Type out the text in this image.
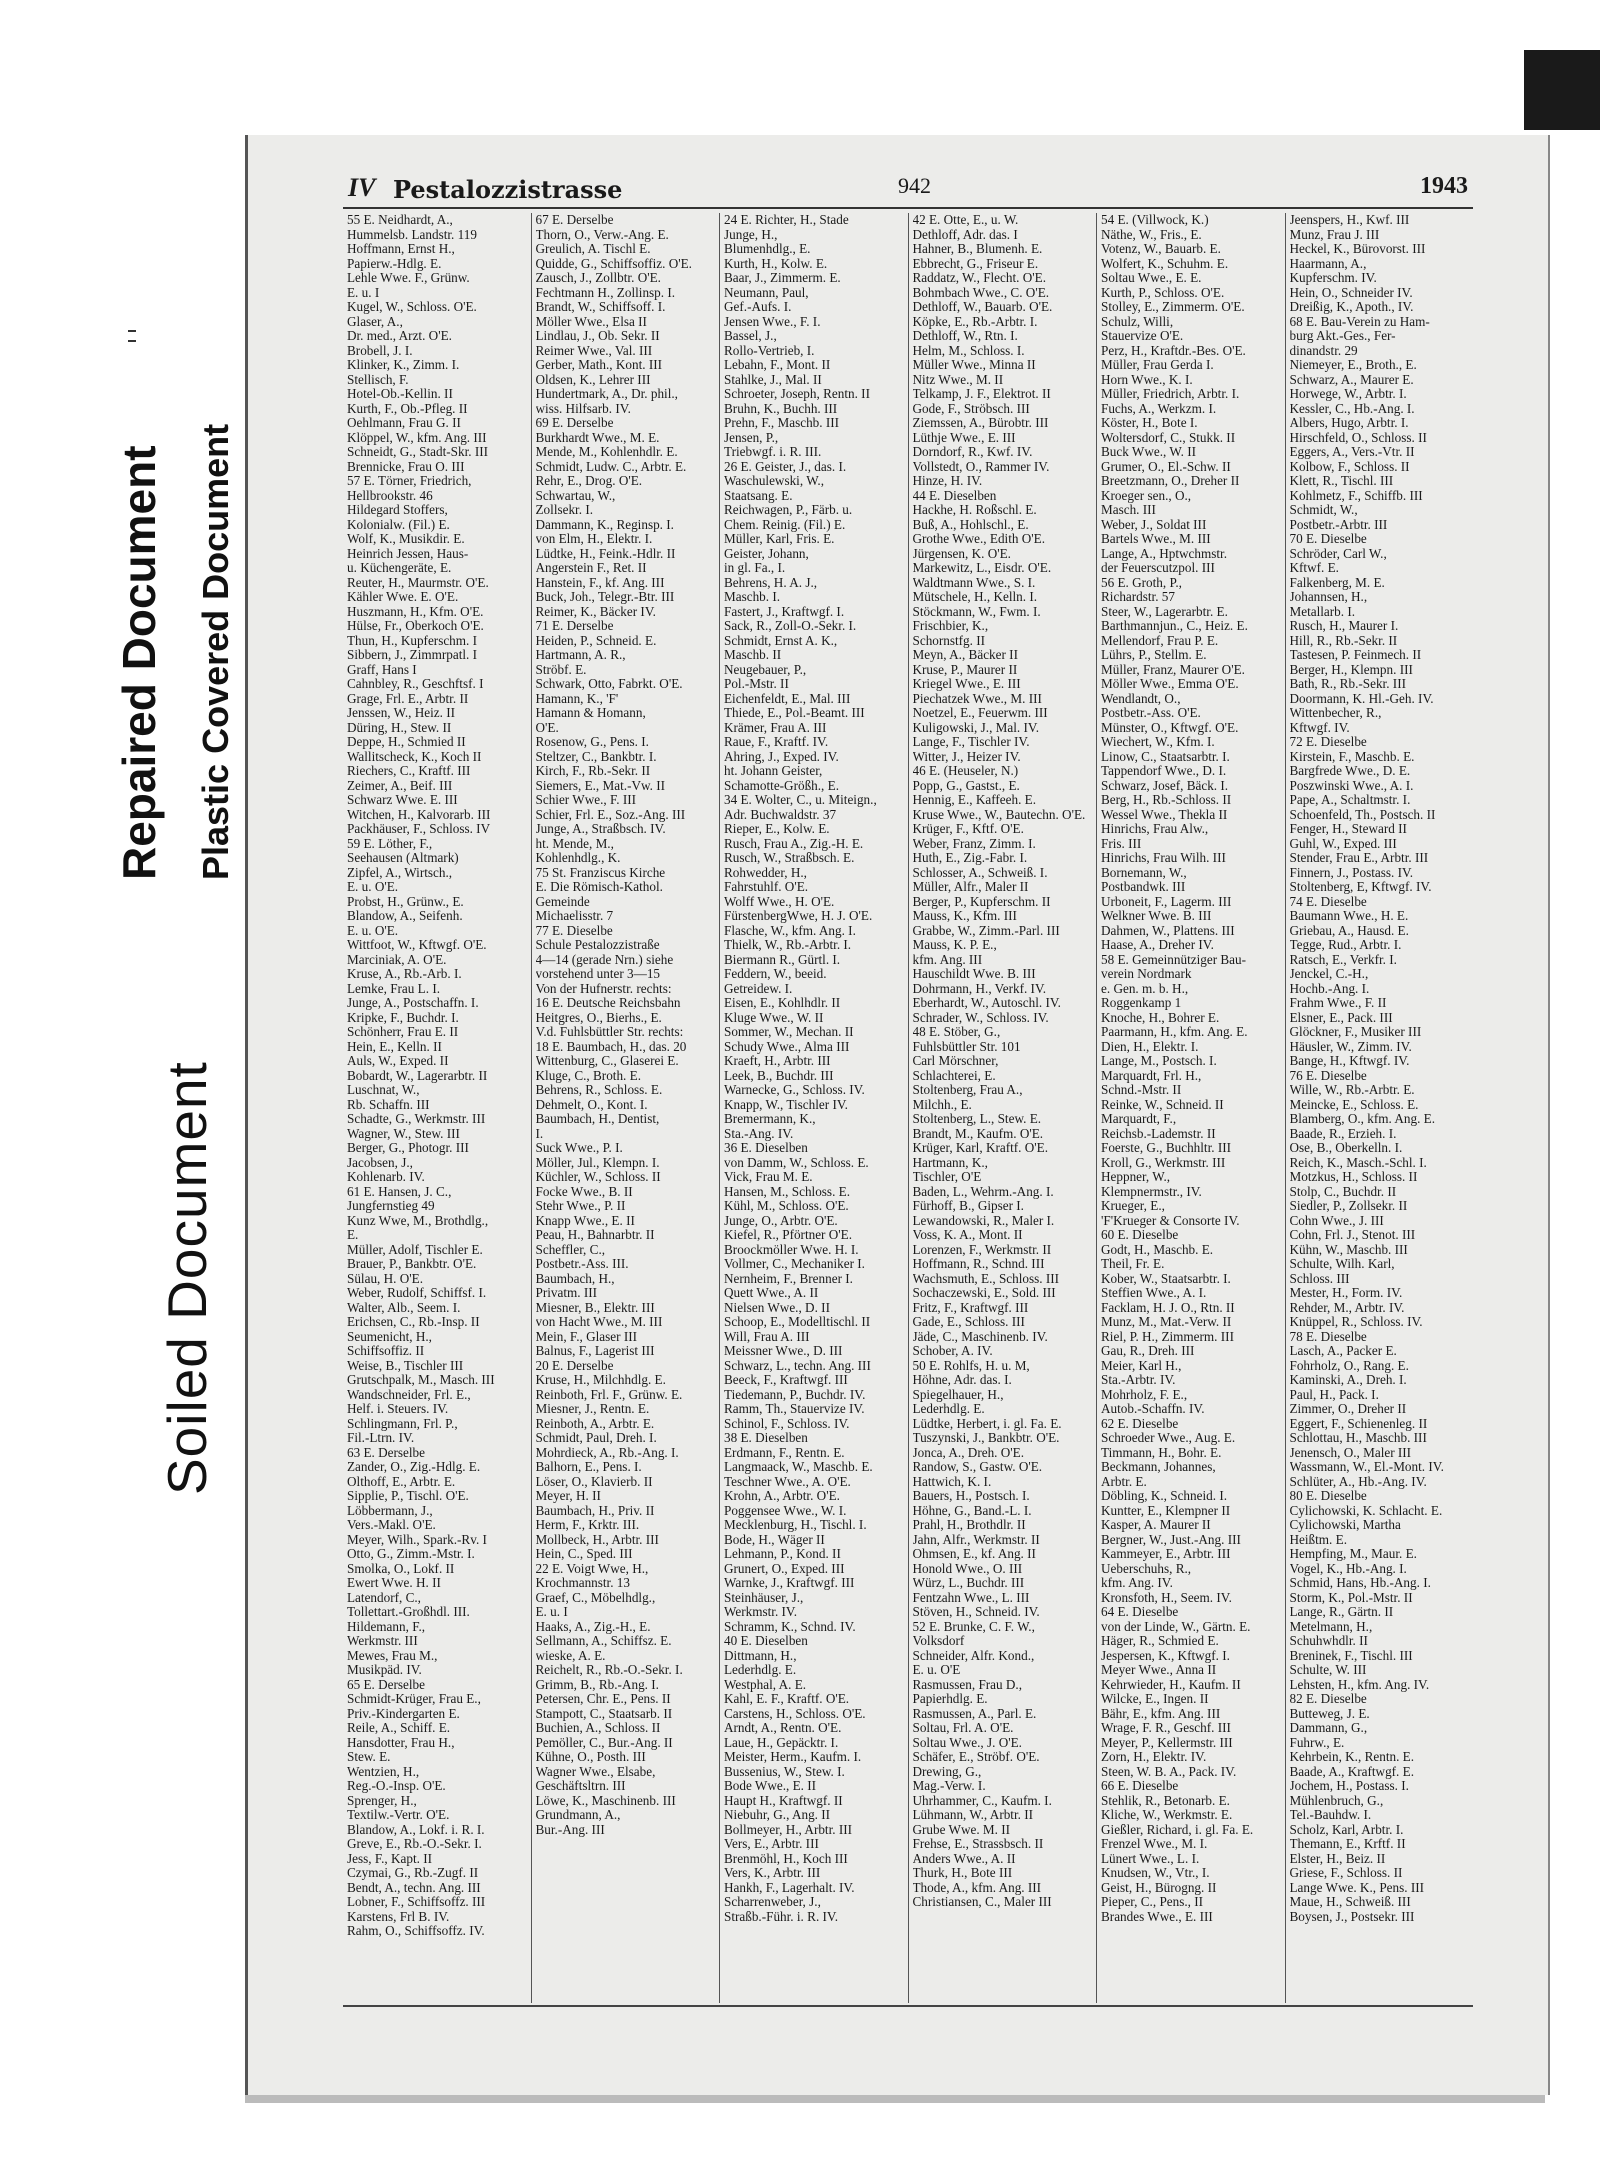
Repaired Document Plastic Covered Document
Soiled Document
IV Pestalozzistrasse	942	1943
55 E. Neidhardt, A.,
Hummelsb. Landstr. 119
Hoffmann, Ernst H.,
Papierw.-Hdlg. E.
Lehle Wwe. F., Grünw.
E. u. I
Kugel, W., Schloss. O'E.
Glaser, A.,
Dr. med., Arzt. O'E.
Brobell, J. I.
Klinker, K., Zimm. I.
Stellisch, F.
Hotel-Ob.-Kellin. II
Kurth, F., Ob.-Pfleg. II
Oehlmann, Frau G. II
Klöppel, W., kfm. Ang. III
Schneidt, G., Stadt-Skr. III
Brennicke, Frau O. III
57 E. Törner, Friedrich,
Hellbrookstr. 46
Hildegard Stoffers,
Kolonialw. (Fil.) E.
Wolf, K., Musikdir. E.
Heinrich Jessen, Haus-
u. Küchengeräte, E.
Reuter, H., Maurmstr. O'E.
Kähler Wwe. E. O'E.
Huszmann, H., Kfm. O'E.
Hülse, Fr., Oberkoch O'E.
Thun, H., Kupferschm. I
Sibbern, J., Zimmrpatl. I
Graff, Hans I
Cahnbley, R., Geschftsf. I
Grage, Frl. E., Arbtr. II
Jenssen, W., Heiz. II
Düring, H., Stew. II
Deppe, H., Schmied II
Wallitscheck, K., Koch II
Riechers, C., Kraftf. III
Zeimer, A., Beif. III
Schwarz Wwe. E. III
Witchen, H., Kalvorarb. III
Packhäuser, F., Schloss. IV
59 E. Löther, F.,
Seehausen (Altmark)
Zipfel, A., Wirtsch.,
E. u. O'E.
Probst, H., Grünw., E.
Blandow, A., Seifenh.
E. u. O'E.
Wittfoot, W., Kftwgf. O'E.
Marciniak, A. O'E.
Kruse, A., Rb.-Arb. I.
Lemke, Frau L. I.
Junge, A., Postschaffn. I.
Kripke, F., Buchdr. I.
Schönherr, Frau E. II
Hein, E., Kelln. II
Auls, W., Exped. II
Bobardt, W., Lagerarbtr. II
Luschnat, W.,
Rb. Schaffn. III
Schadte, G., Werkmstr. III
Wagner, W., Stew. III
Berger, G., Photogr. III
Jacobsen, J.,
Kohlenarb. IV.
61 E. Hansen, J. C.,
Jungfernstieg 49
Kunz Wwe, M., Brothdlg.,
E.
Müller, Adolf, Tischler E.
Brauer, P., Bankbtr. O'E.
Sülau, H. O'E.
Weber, Rudolf, Schiffsf. I.
Walter, Alb., Seem. I.
Erichsen, C., Rb.-Insp. II
Seumenicht, H.,
Schiffsoffiz. II
Weise, B., Tischler III
Grutschpalk, M., Masch. III
Wandschneider, Frl. E.,
Helf. i. Steuers. IV.
Schlingmann, Frl. P.,
Fil.-Ltrn. IV.
63 E. Derselbe
Zander, O., Zig.-Hdlg. E.
Olthoff, E., Arbtr. E.
Sipplie, P., Tischl. O'E.
Löbbermann, J.,
Vers.-Makl. O'E.
Meyer, Wilh., Spark.-Rv. I
Otto, G., Zimm.-Mstr. I.
Smolka, O., Lokf. II
Ewert Wwe. H. II
Latendorf, C.,
Tollettart.-Großhdl. III.
Hildemann, F.,
Werkmstr. III
Mewes, Frau M.,
Musikpäd. IV.
65 E. Derselbe
Schmidt-Krüger, Frau E.,
Priv.-Kindergarten E.
Reile, A., Schiff. E.
Hansdotter, Frau H.,
Stew. E.
Wentzien, H.,
Reg.-O.-Insp. O'E.
Sprenger, H.,
Textilw.-Vertr. O'E.
Blandow, A., Lokf. i. R. I.
Greve, E., Rb.-O.-Sekr. I.
Jess, F., Kapt. II
Czymai, G., Rb.-Zugf. II
Bendt, A., techn. Ang. III
Lobner, F., Schiffsoffz. III
Karstens, Frl B. IV.
Rahm, O., Schiffsoffz. IV.
67 E. Derselbe
Thorn, O., Verw.-Ang. E.
Greulich, A. Tischl E.
Quidde, G., Schiffsoffiz. O'E.
Zausch, J., Zollbtr. O'E.
Fechtmann H., Zollinsp. I.
Brandt, W., Schiffsoff. I.
Möller Wwe., Elsa II
Lindlau, J., Ob. Sekr. II
Reimer Wwe., Val. III
Gerber, Math., Kont. III
Oldsen, K., Lehrer III
Hundertmark, A., Dr. phil.,
wiss. Hilfsarb. IV.
69 E. Derselbe
Burkhardt Wwe., M. E.
Mende, M., Kohlenhdlr. E.
Schmidt, Ludw. C., Arbtr. E.
Rehr, E., Drog. O'E.
Schwartau, W.,
Zollsekr. I.
Dammann, K., Reginsp. I.
von Elm, H., Elektr. I.
Lüdtke, H., Feink.-Hdlr. II
Angerstein F., Ret. II
Hanstein, F., kf. Ang. III
Buck, Joh., Telegr.-Btr. III
Reimer, K., Bäcker IV.
71 E. Derselbe
Heiden, P., Schneid. E.
Hartmann, A. R.,
Ströbf. E.
Schwark, Otto, Fabrkt. O'E.
Hamann, K., 'F'
Hamann & Homann,
O'E.
Rosenow, G., Pens. I.
Steltzer, C., Bankbtr. I.
Kirch, F., Rb.-Sekr. II
Siemers, E., Mat.-Vw. II
Schier Wwe., F. III
Schier, Frl. E., Soz.-Ang. III
Junge, A., Straßbsch. IV.
ht. Mende, M.,
Kohlenhdlg., K.
75 St. Franziscus Kirche
E. Die Römisch-Kathol.
Gemeinde
Michaelisstr. 7
77 E. Dieselbe
Schule Pestalozzistraße
4—14 (gerade Nrn.) siehe
vorstehend unter 3—15
Von der Hufnerstr. rechts:
16 E. Deutsche Reichsbahn
Heitgres, O., Bierhs., E.
V.d. Fuhlsbüttler Str. rechts:
18 E. Baumbach, H., das. 20
Wittenburg, C., Glaserei E.
Kluge, C., Broth. E.
Behrens, R., Schloss. E.
Dehmelt, O., Kont. I.
Baumbach, H., Dentist,
I.
Suck Wwe., P. I.
Möller, Jul., Klempn. I.
Küchler, W., Schloss. II
Focke Wwe., B. II
Stehr Wwe., P. II
Knapp Wwe., E. II
Peau, H., Bahnarbtr. II
Scheffler, C.,
Postbetr.-Ass. III.
Baumbach, H.,
Privatm. III
Miesner, B., Elektr. III
von Hacht Wwe., M. III
Mein, F., Glaser III
Balnus, F., Lagerist III
20 E. Derselbe
Kruse, H., Milchhdlg. E.
Reinboth, Frl. F., Grünw. E.
Miesner, J., Rentn. E.
Reinboth, A., Arbtr. E.
Schmidt, Paul, Dreh. I.
Mohrdieck, A., Rb.-Ang. I.
Balhorn, E., Pens. I.
Löser, O., Klavierb. II
Meyer, H. II
Baumbach, H., Priv. II
Herm, F., Krktr. III.
Mollbeck, H., Arbtr. III
Hein, C., Sped. III
22 E. Voigt Wwe, H.,
Krochmannstr. 13
Graef, C., Möbelhdlg.,
E. u. I
Haaks, A., Zig.-H., E.
Sellmann, A., Schiffsz. E.
wieske, A. E.
Reichelt, R., Rb.-O.-Sekr. I.
Grimm, B., Rb.-Ang. I.
Petersen, Chr. E., Pens. II
Stampott, C., Staatsarb. II
Buchien, A., Schloss. II
Pemöller, C., Bur.-Ang. II
Kühne, O., Posth. III
Wagner Wwe., Elsabe,
Geschäftsltrn. III
Löwe, K., Maschinenb. III
Grundmann, A.,
Bur.-Ang. III
24 E. Richter, H., Stade
Junge, H.,
Blumenhdlg., E.
Kurth, H., Kolw. E.
Baar, J., Zimmerm. E.
Neumann, Paul,
Gef.-Aufs. I.
Jensen Wwe., F. I.
Bassel, J.,
Rollo-Vertrieb, I.
Lebahn, F., Mont. II
Stahlke, J., Mal. II
Schroeter, Joseph, Rentn. II
Bruhn, K., Buchh. III
Prehn, F., Maschb. III
Jensen, P.,
Triebwgf. i. R. III.
26 E. Geister, J., das. I.
Waschulewski, W.,
Staatsang. E.
Reichwagen, P., Färb. u.
Chem. Reinig. (Fil.) E.
Müller, Karl, Fris. E.
Geister, Johann,
in gl. Fa., I.
Behrens, H. A. J.,
Maschb. I.
Fastert, J., Kraftwgf. I.
Sack, R., Zoll-O.-Sekr. I.
Schmidt, Ernst A. K.,
Maschb. II
Neugebauer, P.,
Pol.-Mstr. II
Eichenfeldt, E., Mal. III
Thiede, E., Pol.-Beamt. III
Krämer, Frau A. III
Raue, F., Kraftf. IV.
Ahring, J., Exped. IV.
ht. Johann Geister,
Schamotte-Größh., E.
34 E. Wolter, C., u. Miteign.,
Adr. Buchwaldstr. 37
Rieper, E., Kolw. E.
Rusch, Frau A., Zig.-H. E.
Rusch, W., Straßbsch. E.
Rohwedder, H.,
Fahrstuhlf. O'E.
Wolff Wwe., H. O'E.
FürstenbergWwe, H. J. O'E.
Flasche, W., kfm. Ang. I.
Thielk, W., Rb.-Arbtr. I.
Biermann R., Gürtl. I.
Feddern, W., beeid.
Getreidew. I.
Eisen, E., Kohlhdlr. II
Kluge Wwe., W. II
Sommer, W., Mechan. II
Schudy Wwe., Alma III
Kraeft, H., Arbtr. III
Leek, B., Buchdr. III
Warnecke, G., Schloss. IV.
Knapp, W., Tischler IV.
Bremermann, K.,
Sta.-Ang. IV.
36 E. Dieselben
von Damm, W., Schloss. E.
Vick, Frau M. E.
Hansen, M., Schloss. E.
Kühl, M., Schloss. O'E.
Junge, O., Arbtr. O'E.
Kiefel, R., Pförtner O'E.
Broockmöller Wwe. H. I.
Vollmer, C., Mechaniker I.
Nernheim, F., Brenner I.
Quett Wwe., A. II
Nielsen Wwe., D. II
Schoop, E., Modelltischl. II
Will, Frau A. III
Meissner Wwe., D. III
Schwarz, L., techn. Ang. III
Beeck, F., Kraftwgf. III
Tiedemann, P., Buchdr. IV.
Ramm, Th., Stauervize IV.
Schinol, F., Schloss. IV.
38 E. Dieselben
Erdmann, F., Rentn. E.
Langmaack, W., Maschb. E.
Teschner Wwe., A. O'E.
Krohn, A., Arbtr. O'E.
Poggensee Wwe., W. I.
Mecklenburg, H., Tischl. I.
Bode, H., Wäger II
Lehmann, P., Kond. II
Grunert, O., Exped. III
Warnke, J., Kraftwgf. III
Steinhäuser, J.,
Werkmstr. IV.
Schramm, K., Schnd. IV.
40 E. Dieselben
Dittmann, H.,
Lederhdlg. E.
Westphal, A. E.
Kahl, E. F., Kraftf. O'E.
Carstens, H., Schloss. O'E.
Arndt, A., Rentn. O'E.
Laue, H., Gepäcktr. I.
Meister, Herm., Kaufm. I.
Bussenius, W., Stew. I.
Bode Wwe., E. II
Haupt H., Kraftwgf. II
Niebuhr, G., Ang. II
Bollmeyer, H., Arbtr. III
Vers, E., Arbtr. III
Brenmöhl, H., Koch III
Vers, K., Arbtr. III
Hankh, F., Lagerhalt. IV.
Scharrenweber, J.,
Straßb.-Führ. i. R. IV.
42 E. Otte, E., u. W.
Dethloff, Adr. das. I
Hahner, B., Blumenh. E.
Ebbrecht, G., Friseur E.
Raddatz, W., Flecht. O'E.
Bohmbach Wwe., C. O'E.
Dethloff, W., Bauarb. O'E.
Köpke, E., Rb.-Arbtr. I.
Dethloff, W., Rtn. I.
Helm, M., Schloss. I.
Müller Wwe., Minna II
Nitz Wwe., M. II
Telkamp, J. F., Elektrot. II
Gode, F., Ströbsch. III
Ziemssen, A., Bürobtr. III
Lüthje Wwe., E. III
Dorndorf, R., Kwf. IV.
Vollstedt, O., Rammer IV.
Hinze, H. IV.
44 E. Dieselben
Hackhe, H. Roßschl. E.
Buß, A., Hohlschl., E.
Grothe Wwe., Edith O'E.
Jürgensen, K. O'E.
Markewitz, L., Eisdr. O'E.
Waldtmann Wwe., S. I.
Mütschele, H., Kelln. I.
Stöckmann, W., Fwm. I.
Frischbier, K.,
Schornstfg. II
Meyn, A., Bäcker II
Kruse, P., Maurer II
Kriegel Wwe., E. III
Piechatzek Wwe., M. III
Noetzel, E., Feuerwm. III
Kuligowski, J., Mal. IV.
Lange, F., Tischler IV.
Witter, J., Heizer IV.
46 E. (Heuseler, N.)
Popp, G., Gastst., E.
Hennig, E., Kaffeeh. E.
Kruse Wwe., W., Bautechn. O'E.
Krüger, F., Kftf. O'E.
Weber, Franz, Zimm. I.
Huth, E., Zig.-Fabr. I.
Schlosser, A., Schweiß. I.
Müller, Alfr., Maler II
Berger, P., Kupferschm. II
Mauss, K., Kfm. III
Grabbe, W., Zimm.-Parl. III
Mauss, K. P. E.,
kfm. Ang. III
Hauschildt Wwe. B. III
Dohrmann, H., Verkf. IV.
Eberhardt, W., Autoschl. IV.
Schrader, W., Schloss. IV.
48 E. Stöber, G.,
Fuhlsbüttler Str. 101
Carl Mörschner,
Schlachterei, E.
Stoltenberg, Frau A.,
Milchh., E.
Stoltenberg, L., Stew. E.
Brandt, M., Kaufm. O'E.
Krüger, Karl, Kraftf. O'E.
Hartmann, K.,
Tischler, O'E
Baden, L., Wehrm.-Ang. I.
Fürhoff, B., Gipser I.
Lewandowski, R., Maler I.
Voss, K. A., Mont. II
Lorenzen, F., Werkmstr. II
Hoffmann, R., Schnd. III
Wachsmuth, E., Schloss. III
Sochaczewski, E., Sold. III
Fritz, F., Kraftwgf. III
Gade, E., Schloss. III
Jäde, C., Maschinenb. IV.
Schober, A. IV.
50 E. Rohlfs, H. u. M,
Höhne, Adr. das. I.
Spiegelhauer, H.,
Lederhdlg. E.
Lüdtke, Herbert, i. gl. Fa. E.
Tuszynski, J., Bankbtr. O'E.
Jonca, A., Dreh. O'E.
Randow, S., Gastw. O'E.
Hattwich, K. I.
Bauers, H., Postsch. I.
Höhne, G., Band.-L. I.
Prahl, H., Brothdlr. II
Jahn, Alfr., Werkmstr. II
Ohmsen, E., kf. Ang. II
Honold Wwe., O. III
Würz, L., Buchdr. III
Fentzahn Wwe., L. III
Stöven, H., Schneid. IV.
52 E. Brunke, C. F. W.,
Volksdorf
Schneider, Alfr. Kond.,
E. u. O'E
Rasmussen, Frau D.,
Papierhdlg. E.
Rasmussen, A., Parl. E.
Soltau, Frl. A. O'E.
Soltau Wwe., J. O'E.
Schäfer, E., Ströbf. O'E.
Drewing, G.,
Mag.-Verw. I.
Uhrhammer, C., Kaufm. I.
Lühmann, W., Arbtr. II
Grube Wwe. M. II
Frehse, E., Strassbsch. II
Anders Wwe., A. II
Thurk, H., Bote III
Thode, A., kfm. Ang. III
Christiansen, C., Maler III
54 E. (Villwock, K.)
Näthe, W., Fris., E.
Votenz, W., Bauarb. E.
Wolfert, K., Schuhm. E.
Soltau Wwe., E. E.
Kurth, P., Schloss. O'E.
Stolley, E., Zimmerm. O'E.
Schulz, Willi,
Stauervize O'E.
Perz, H., Kraftdr.-Bes. O'E.
Müller, Frau Gerda I.
Horn Wwe., K. I.
Müller, Friedrich, Arbtr. I.
Fuchs, A., Werkzm. I.
Köster, H., Bote I.
Woltersdorf, C., Stukk. II
Buck Wwe., W. II
Grumer, O., El.-Schw. II
Breetzmann, O., Dreher II
Kroeger sen., O.,
Masch. III
Weber, J., Soldat III
Bartels Wwe., M. III
Lange, A., Hptwchmstr.
der Feuerscutzpol. III
56 E. Groth, P.,
Richardstr. 57
Steer, W., Lagerarbtr. E.
Barthmannjun., C., Heiz. E.
Mellendorf, Frau P. E.
Lührs, P., Stellm. E.
Müller, Franz, Maurer O'E.
Möller Wwe., Emma O'E.
Wendlandt, O.,
Postbetr.-Ass. O'E.
Münster, O., Kftwgf. O'E.
Wiechert, W., Kfm. I.
Linow, C., Staatsarbtr. I.
Tappendorf Wwe., D. I.
Schwarz, Josef, Bäck. I.
Berg, H., Rb.-Schloss. II
Wessel Wwe., Thekla II
Hinrichs, Frau Alw.,
Fris. III
Hinrichs, Frau Wilh. III
Bornemann, W.,
Postbandwk. III
Urboneit, F., Lagerm. III
Welkner Wwe. B. III
Dahmen, W., Plattens. III
Haase, A., Dreher IV.
58 E. Gemeinnütziger Bau-
verein Nordmark
e. Gen. m. b. H.,
Roggenkamp 1
Knoche, H., Bohrer E.
Paarmann, H., kfm. Ang. E.
Dien, H., Elektr. I.
Lange, M., Postsch. I.
Marquardt, Frl. H.,
Schnd.-Mstr. II
Reinke, W., Schneid. II
Marquardt, F.,
Reichsb.-Lademstr. II
Foerste, G., Buchhltr. III
Kroll, G., Werkmstr. III
Heppner, W.,
Klempnermstr., IV.
Krueger, E.,
'F'Krueger & Consorte IV.
60 E. Dieselbe
Godt, H., Maschb. E.
Theil, Fr. E.
Kober, W., Staatsarbtr. I.
Steffien Wwe., A. I.
Facklam, H. J. O., Rtn. II
Munz, M., Mat.-Verw. II
Riel, P. H., Zimmerm. III
Gau, R., Dreh. III
Meier, Karl H.,
Sta.-Arbtr. IV.
Mohrholz, F. E.,
Autob.-Schaffn. IV.
62 E. Dieselbe
Schroeder Wwe., Aug. E.
Timmann, H., Bohr. E.
Beckmann, Johannes,
Arbtr. E.
Döbling, K., Schneid. I.
Kuntter, E., Klempner II
Kasper, A. Maurer II
Bergner, W., Just.-Ang. III
Kammeyer, E., Arbtr. III
Ueberschuhs, R.,
kfm. Ang. IV.
Kronsfoth, H., Seem. IV.
64 E. Dieselbe
von der Linde, W., Gärtn. E.
Häger, R., Schmied E.
Jespersen, K., Kftwgf. I.
Meyer Wwe., Anna II
Kehrwieder, H., Kaufm. II
Wilcke, E., Ingen. II
Bähr, E., kfm. Ang. III
Wrage, F. R., Geschf. III
Meyer, P., Kellermstr. III
Zorn, H., Elektr. IV.
Steen, W. B. A., Pack. IV.
66 E. Dieselbe
Stehlik, R., Betonarb. E.
Kliche, W., Werkmstr. E.
Gießler, Richard, i. gl. Fa. E.
Frenzel Wwe., M. I.
Lünert Wwe., L. I.
Knudsen, W., Vtr., I.
Geist, H., Bürogng. II
Pieper, C., Pens., II
Brandes Wwe., E. III
Jeenspers, H., Kwf. III
Munz, Frau J. III
Heckel, K., Bürovorst. III
Haarmann, A.,
Kupferschm. IV.
Hein, O., Schneider IV.
Dreißig, K., Apoth., IV.
68 E. Bau-Verein zu Ham-
burg Akt.-Ges., Fer-
dinandstr. 29
Niemeyer, E., Broth., E.
Schwarz, A., Maurer E.
Horwege, W., Arbtr. I.
Kessler, C., Hb.-Ang. I.
Albers, Hugo, Arbtr. I.
Hirschfeld, O., Schloss. II
Eggers, A., Vers.-Vtr. II
Kolbow, F., Schloss. II
Klett, R., Tischl. III
Kohlmetz, F., Schiffb. III
Schmidt, W.,
Postbetr.-Arbtr. III
70 E. Dieselbe
Schröder, Carl W.,
Kftwf. E.
Falkenberg, M. E.
Johannsen, H.,
Metallarb. I.
Rusch, H., Maurer I.
Hill, R., Rb.-Sekr. II
Tastesen, P. Feinmech. II
Berger, H., Klempn. III
Bath, R., Rb.-Sekr. III
Doormann, K. Hl.-Geh. IV.
Wittenbecher, R.,
Kftwgf. IV.
72 E. Dieselbe
Kirstein, F., Maschb. E.
Bargfrede Wwe., D. E.
Poszwinski Wwe., A. I.
Pape, A., Schaltmstr. I.
Schoenfeld, Th., Postsch. II
Fenger, H., Steward II
Guhl, W., Exped. III
Stender, Frau E., Arbtr. III
Finnern, J., Postass. IV.
Stoltenberg, E, Kftwgf. IV.
74 E. Dieselbe
Baumann Wwe., H. E.
Griebau, A., Hausd. E.
Tegge, Rud., Arbtr. I.
Ratsch, E., Verkfr. I.
Jenckel, C.-H.,
Hochb.-Ang. I.
Frahm Wwe., F. II
Elsner, E., Pack. III
Glöckner, F., Musiker III
Häusler, W., Zimm. IV.
Bange, H., Kftwgf. IV.
76 E. Dieselbe
Wille, W., Rb.-Arbtr. E.
Meincke, E., Schloss. E.
Blamberg, O., kfm. Ang. E.
Baade, R., Erzieh. I.
Ose, B., Oberkelln. I.
Reich, K., Masch.-Schl. I.
Motzkus, H., Schloss. II
Stolp, C., Buchdr. II
Siedler, P., Zollsekr. II
Cohn Wwe., J. III
Cohn, Frl. J., Stenot. III
Kühn, W., Maschb. III
Schulte, Wilh. Karl,
Schloss. III
Mester, H., Form. IV.
Rehder, M., Arbtr. IV.
Knüppel, R., Schloss. IV.
78 E. Dieselbe
Lasch, A., Packer E.
Fohrholz, O., Rang. E.
Kaminski, A., Dreh. I.
Paul, H., Pack. I.
Zimmer, O., Dreher II
Eggert, F., Schienenleg. II
Schlottau, H., Maschb. III
Jenensch, O., Maler III
Wassmann, W., El.-Mont. IV.
Schlüter, A., Hb.-Ang. IV.
80 E. Dieselbe
Cylichowski, K. Schlacht. E.
Cylichowski, Martha
Heißtm. E.
Hempfing, M., Maur. E.
Vogel, K., Hb.-Ang. I.
Schmid, Hans, Hb.-Ang. I.
Storm, K., Pol.-Mstr. II
Lange, R., Gärtn. II
Metelmann, H.,
Schuhwhdlr. II
Breninek, F., Tischl. III
Schulte, W. III
Lehsten, H., kfm. Ang. IV.
82 E. Dieselbe
Butteweg, J. E.
Dammann, G.,
Fuhrw., E.
Kehrbein, K., Rentn. E.
Baade, A., Kraftwgf. E.
Jochem, H., Postass. I.
Mühlenbruch, G.,
Tel.-Bauhdw. I.
Scholz, Karl, Arbtr. I.
Themann, E., Krftf. II
Elster, H., Beiz. II
Griese, F., Schloss. II
Lange Wwe. K., Pens. III
Maue, H., Schweiß. III
Boysen, J., Postsekr. III
